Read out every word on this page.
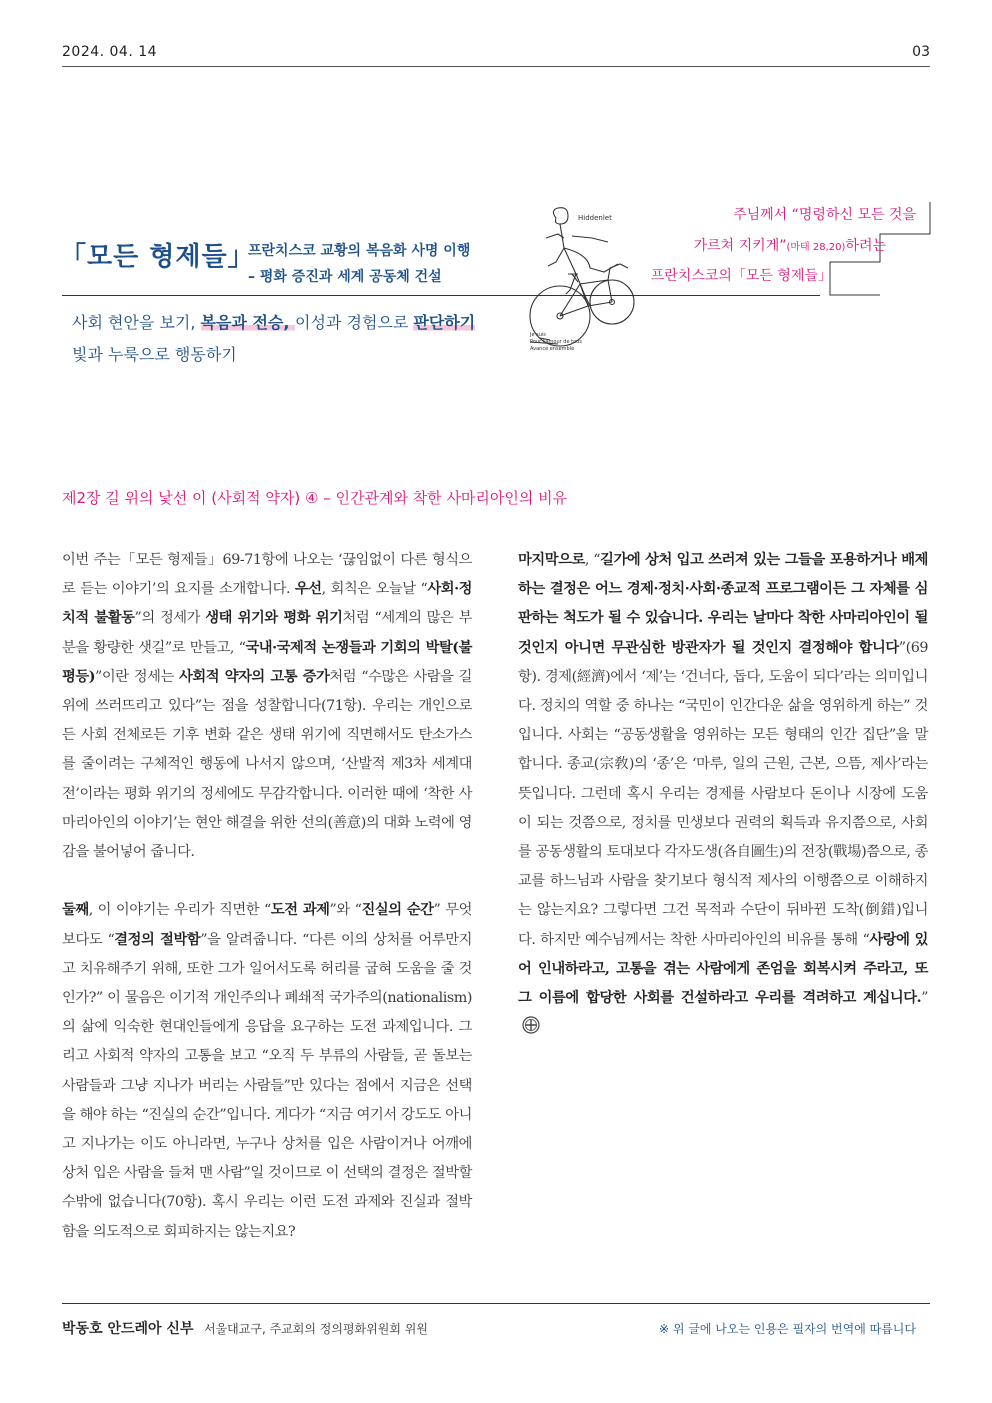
2024. 04. 14	03
「모든 형제들」
프란치스코 교황의 복음화 사명 이행
– 평화 증진과 세계 공동체 건설
사회 현안을 보기, 복음과 전승, 이성과 경험으로 판단하기
빛과 누룩으로 행동하기
Hiddenlet
Je suis
Pour l'amour de tous
Avancé ensemble
주님께서 “명령하신 모든 것을
가르쳐 지키게”(마태 28,20)하려는
프란치스코의「모든 형제들」
제2장 길 위의 낯선 이 (사회적 약자) ④ – 인간관계와 착한 사마리아인의 비유

이번 주는「모든 형제들」69-71항에 나오는 ‘끊임없이 다른 형식으로 듣는 이야기’의 요지를 소개합니다. 우선, 회칙은 오늘날 “사회·정치적 불활동”의 정세가 생태 위기와 평화 위기처럼 “세계의 많은 부분을 황량한 샛길”로 만들고, “국내·국제적 논쟁들과 기회의 박탈(불평등)”이란 정세는 사회적 약자의 고통 증가처럼 “수많은 사람을 길 위에 쓰러뜨리고 있다”는 점을 성찰합니다(71항). 우리는 개인으로든 사회 전체로든 기후 변화 같은 생태 위기에 직면해서도 탄소가스를 줄이려는 구체적인 행동에 나서지 않으며, ‘산발적 제3차 세계대전’이라는 평화 위기의 정세에도 무감각합니다. 이러한 때에 ‘착한 사마리아인의 이야기’는 현안 해결을 위한 선의(善意)의 대화 노력에 영감을 불어넣어 줍니다.

둘째, 이 이야기는 우리가 직면한 “도전 과제”와 “진실의 순간” 무엇보다도 “결정의 절박함”을 알려줍니다. “다른 이의 상처를 어루만지고 치유해주기 위해, 또한 그가 일어서도록 허리를 굽혀 도움을 줄 것인가?” 이 물음은 이기적 개인주의나 폐쇄적 국가주의(nationalism)의 삶에 익숙한 현대인들에게 응답을 요구하는 도전 과제입니다. 그리고 사회적 약자의 고통을 보고 “오직 두 부류의 사람들, 곧 돌보는 사람들과 그냥 지나가 버리는 사람들”만 있다는 점에서 지금은 선택을 해야 하는 “진실의 순간”입니다. 게다가 “지금 여기서 강도도 아니고 지나가는 이도 아니라면, 누구나 상처를 입은 사람이거나 어깨에 상처 입은 사람을 들쳐 맨 사람”일 것이므로 이 선택의 결정은 절박할 수밖에 없습니다(70항). 혹시 우리는 이런 도전 과제와 진실과 절박함을 의도적으로 회피하지는 않는지요?

마지막으로, “길가에 상처 입고 쓰러져 있는 그들을 포용하거나 배제하는 결정은 어느 경제·정치·사회·종교적 프로그램이든 그 자체를 심판하는 척도가 될 수 있습니다. 우리는 날마다 착한 사마리아인이 될 것인지 아니면 무관심한 방관자가 될 것인지 결정해야 합니다”(69항). 경제(經濟)에서 ‘제’는 ‘건너다, 돕다, 도움이 되다’라는 의미입니다. 정치의 역할 중 하나는 “국민이 인간다운 삶을 영위하게 하는” 것입니다. 사회는 “공동생활을 영위하는 모든 형태의 인간 집단”을 말합니다. 종교(宗敎)의 ‘종’은 ‘마루, 일의 근원, 근본, 으뜸, 제사’라는 뜻입니다. 그런데 혹시 우리는 경제를 사람보다 돈이나 시장에 도움이 되는 것쯤으로, 정치를 민생보다 권력의 획득과 유지쯤으로, 사회를 공동생활의 토대보다 각자도생(各自圖生)의 전장(戰場)쯤으로, 종교를 하느님과 사람을 찾기보다 형식적 제사의 이행쯤으로 이해하지는 않는지요? 그렇다면 그건 목적과 수단이 뒤바뀐 도착(倒錯)입니다. 하지만 예수님께서는 착한 사마리아인의 비유를 통해 “사랑에 있어 인내하라고, 고통을 겪는 사람에게 존엄을 회복시켜 주라고, 또 그 이름에 합당한 사회를 건설하라고 우리를 격려하고 계십니다.”

박동호 안드레아 신부 서울대교구, 주교회의 정의평화위원회 위원	※ 위 글에 나오는 인용은 필자의 번역에 따릅니다
